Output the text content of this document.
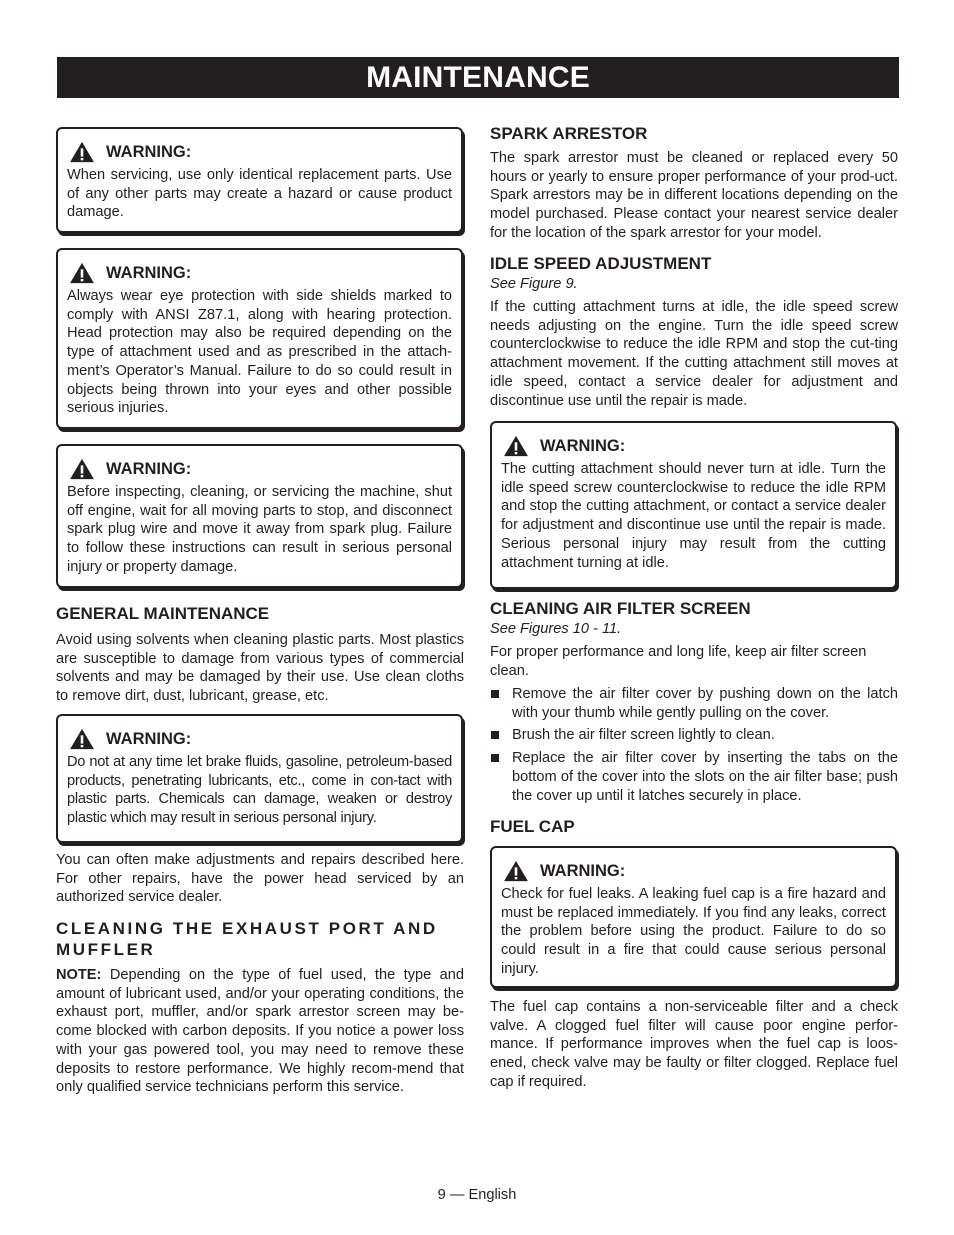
MAINTENANCE
WARNING:

When servicing, use only identical replacement parts. Use of any other parts may create a hazard or cause product damage.

WARNING:

Always wear eye protection with side shields marked to comply with ANSI Z87.1, along with hearing protection. Head protection may also be required depending on the type of attachment used and as prescribed in the attach-ment’s Operator’s Manual. Failure to do so could result in objects being thrown into your eyes and other possible serious injuries.

WARNING:

Before inspecting, cleaning, or servicing the machine, shut off engine, wait for all moving parts to stop, and disconnect spark plug wire and move it away from spark plug. Failure to follow these instructions can result in serious personal injury or property damage.

GENERAL MAINTENANCE

Avoid using solvents when cleaning plastic parts. Most plastics are susceptible to damage from various types of commercial solvents and may be damaged by their use. Use clean cloths to remove dirt, dust, lubricant, grease, etc.

WARNING:

Do not at any time let brake fluids, gasoline, petroleum-based products, penetrating lubricants, etc., come in con-tact with plastic parts. Chemicals can damage, weaken or destroy plastic which may result in serious personal injury.

You can often make adjustments and repairs described here. For other repairs, have the power head serviced by an authorized service dealer.

CLEANING THE EXHAUST PORT AND MUFFLER

NOTE: Depending on the type of fuel used, the type and amount of lubricant used, and/or your operating conditions, the exhaust port, muffler, and/or spark arrestor screen may be-come blocked with carbon deposits. If you notice a power loss with your gas powered tool, you may need to remove these deposits to restore performance. We highly recom-mend that only qualified service technicians perform this service.

SPARK ARRESTOR

The spark arrestor must be cleaned or replaced every 50 hours or yearly to ensure proper performance of your prod-uct. Spark arrestors may be in different locations depending on the model purchased. Please contact your nearest service dealer for the location of the spark arrestor for your model.

IDLE SPEED ADJUSTMENT

See Figure 9.

If the cutting attachment turns at idle, the idle speed screw needs adjusting on the engine. Turn the idle speed screw counterclockwise to reduce the idle RPM and stop the cut-ting attachment movement. If the cutting attachment still moves at idle speed, contact a service dealer for adjustment and discontinue use until the repair is made.

WARNING:

The cutting attachment should never turn at idle. Turn the idle speed screw counterclockwise to reduce the idle RPM and stop the cutting attachment, or contact a service dealer for adjustment and discontinue use until the repair is made. Serious personal injury may result from the cutting attachment turning at idle.

CLEANING AIR FILTER SCREEN

See Figures 10 - 11.

For proper performance and long life, keep air filter screen clean.

Remove the air filter cover by pushing down on the latch with your thumb while gently pulling on the cover.
Brush the air filter screen lightly to clean.
Replace the air filter cover by inserting the tabs on the bottom of the cover into the slots on the air filter base; push the cover up until it latches securely in place.
FUEL CAP
WARNING:

Check for fuel leaks. A leaking fuel cap is a fire hazard and must be replaced immediately. If you find any leaks, correct the problem before using the product. Failure to do so could result in a fire that could cause serious personal injury.

The fuel cap contains a non-serviceable filter and a check valve. A clogged fuel filter will cause poor engine perfor-mance. If performance improves when the fuel cap is loos-ened, check valve may be faulty or filter clogged. Replace fuel cap if required.

9 — English
